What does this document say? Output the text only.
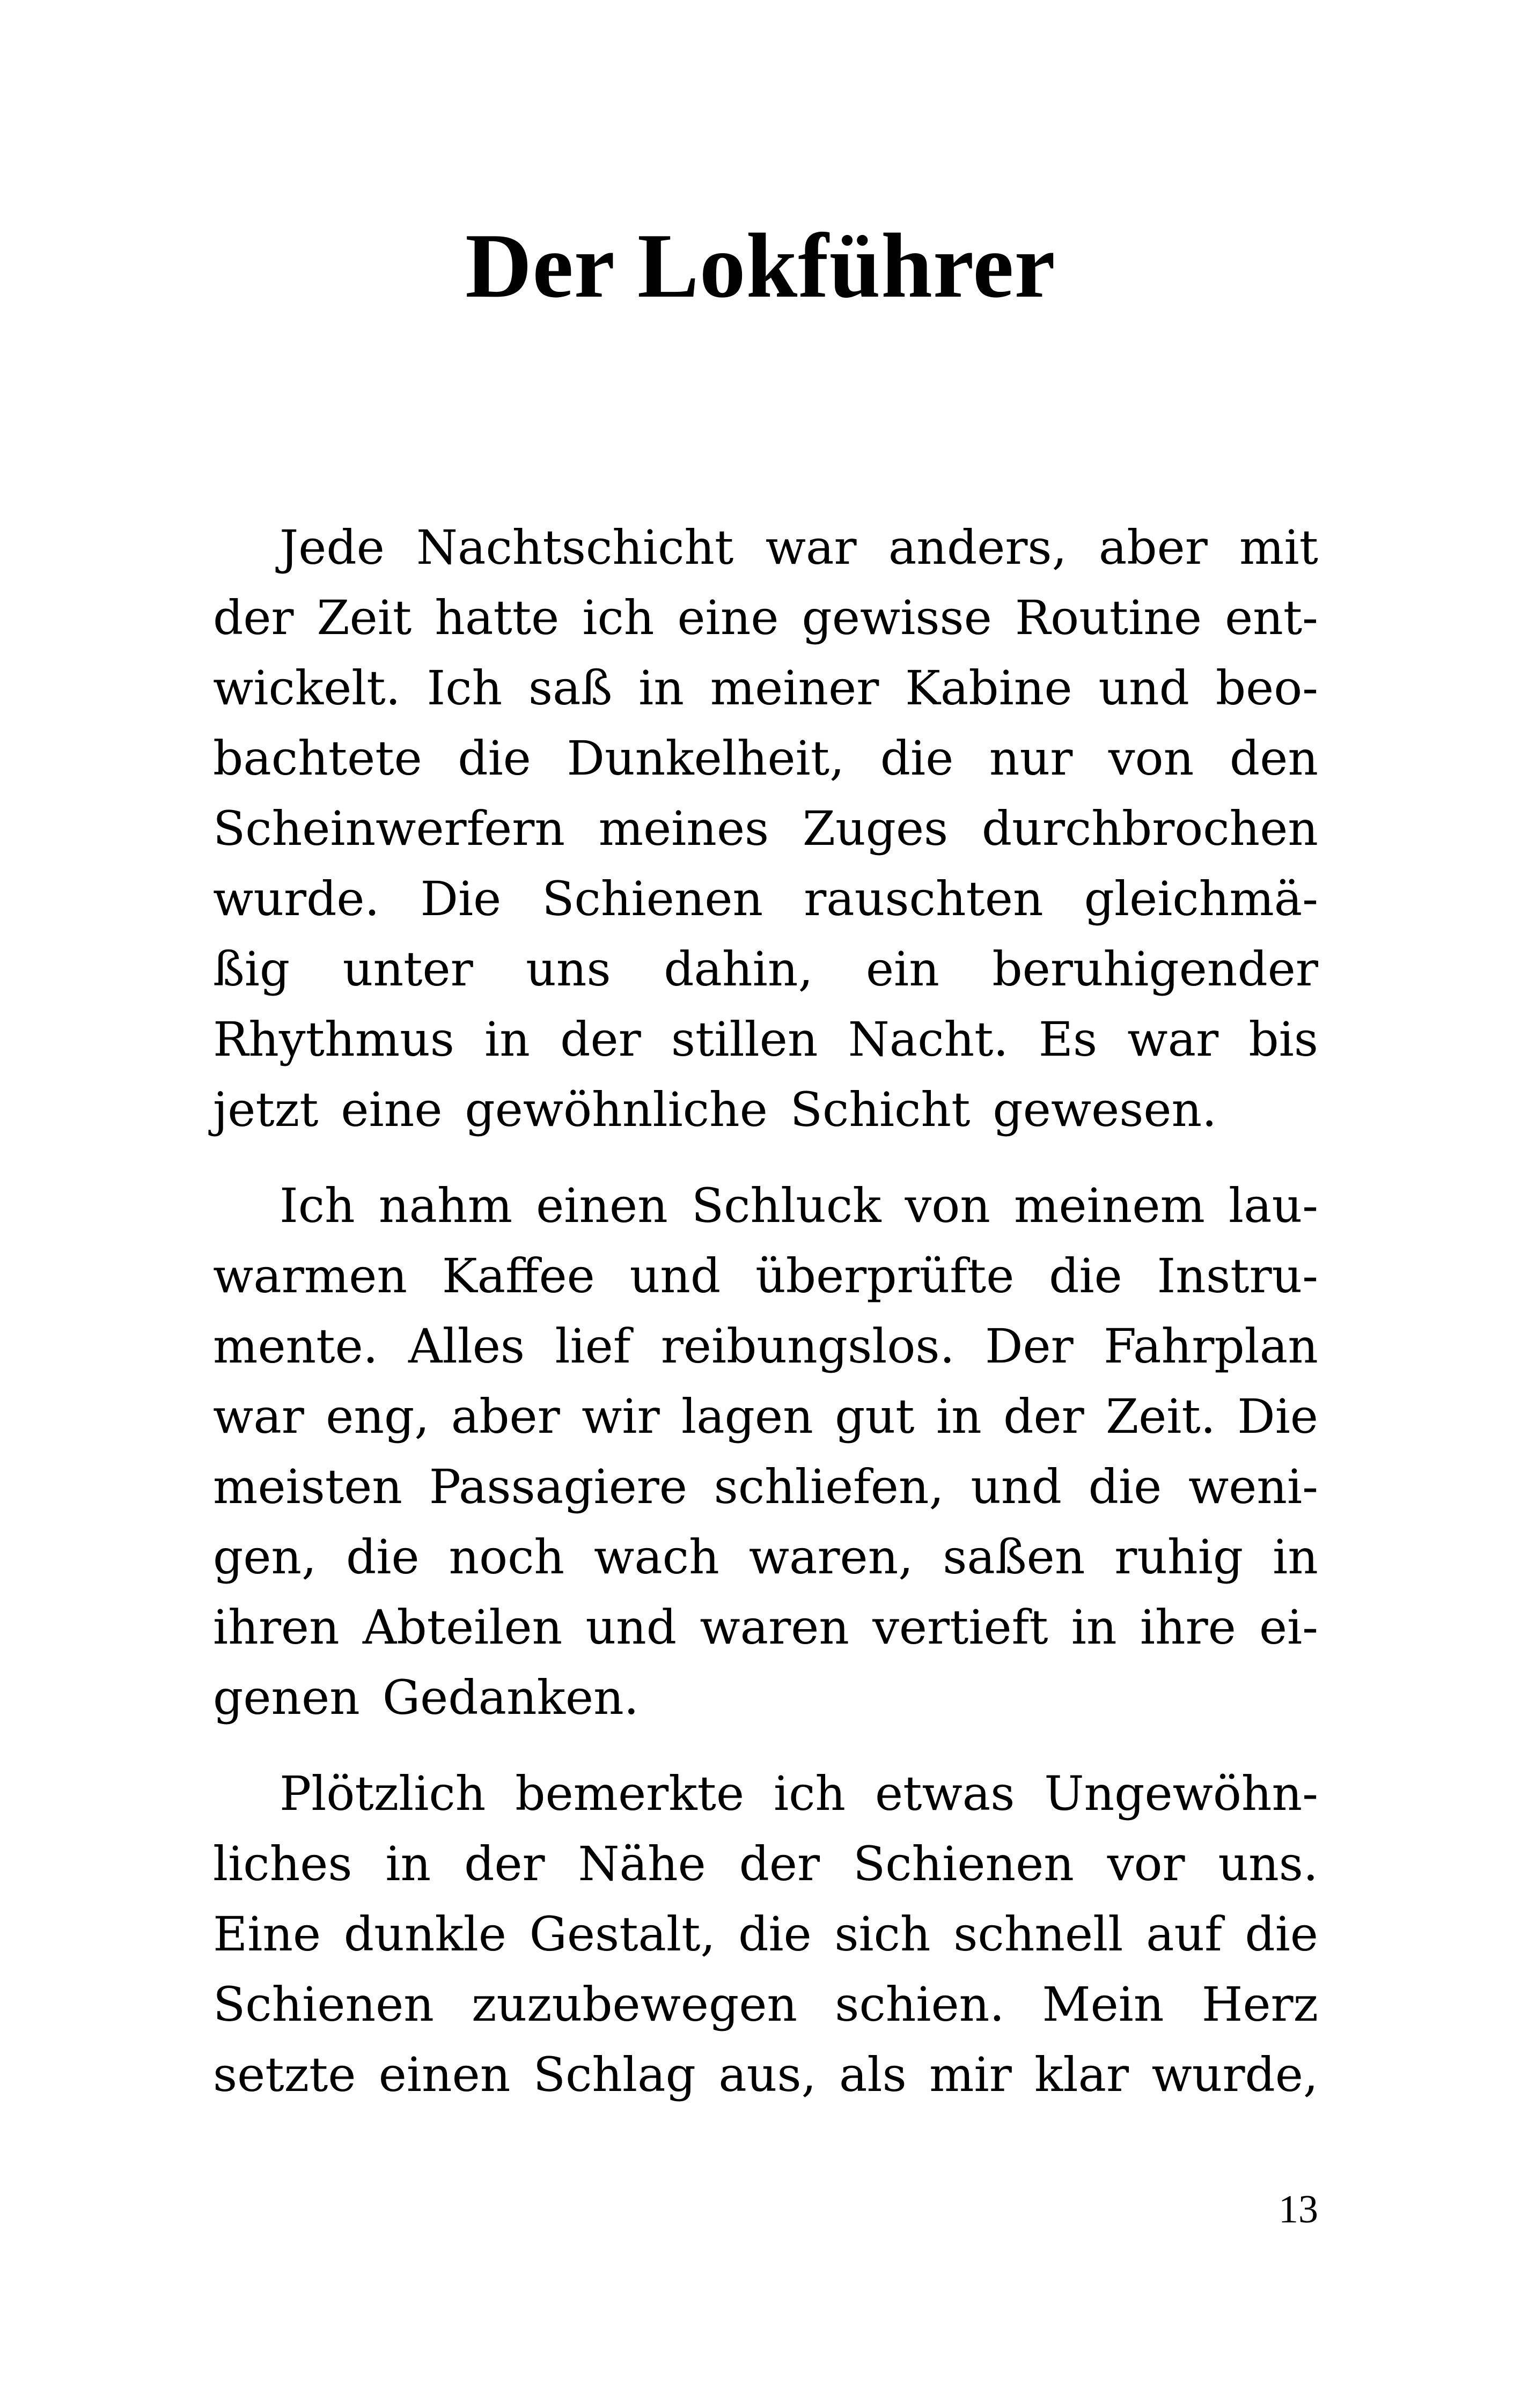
Der Lokführer
Jede Nachtschicht war anders, aber mit
der Zeit hatte ich eine gewisse Routine ent-
wickelt. Ich saß in meiner Kabine und beo-
bachtete die Dunkelheit, die nur von den
Scheinwerfern meines Zuges durchbrochen
wurde. Die Schienen rauschten gleichmä-
ßig unter uns dahin, ein beruhigender
Rhythmus in der stillen Nacht. Es war bis
jetzt eine gewöhnliche Schicht gewesen.
Ich nahm einen Schluck von meinem lau-
warmen Kaffee und überprüfte die Instru-
mente. Alles lief reibungslos. Der Fahrplan
war eng, aber wir lagen gut in der Zeit. Die
meisten Passagiere schliefen, und die weni-
gen, die noch wach waren, saßen ruhig in
ihren Abteilen und waren vertieft in ihre ei-
genen Gedanken.
Plötzlich bemerkte ich etwas Ungewöhn-
liches in der Nähe der Schienen vor uns.
Eine dunkle Gestalt, die sich schnell auf die
Schienen zuzubewegen schien. Mein Herz
setzte einen Schlag aus, als mir klar wurde,
13
